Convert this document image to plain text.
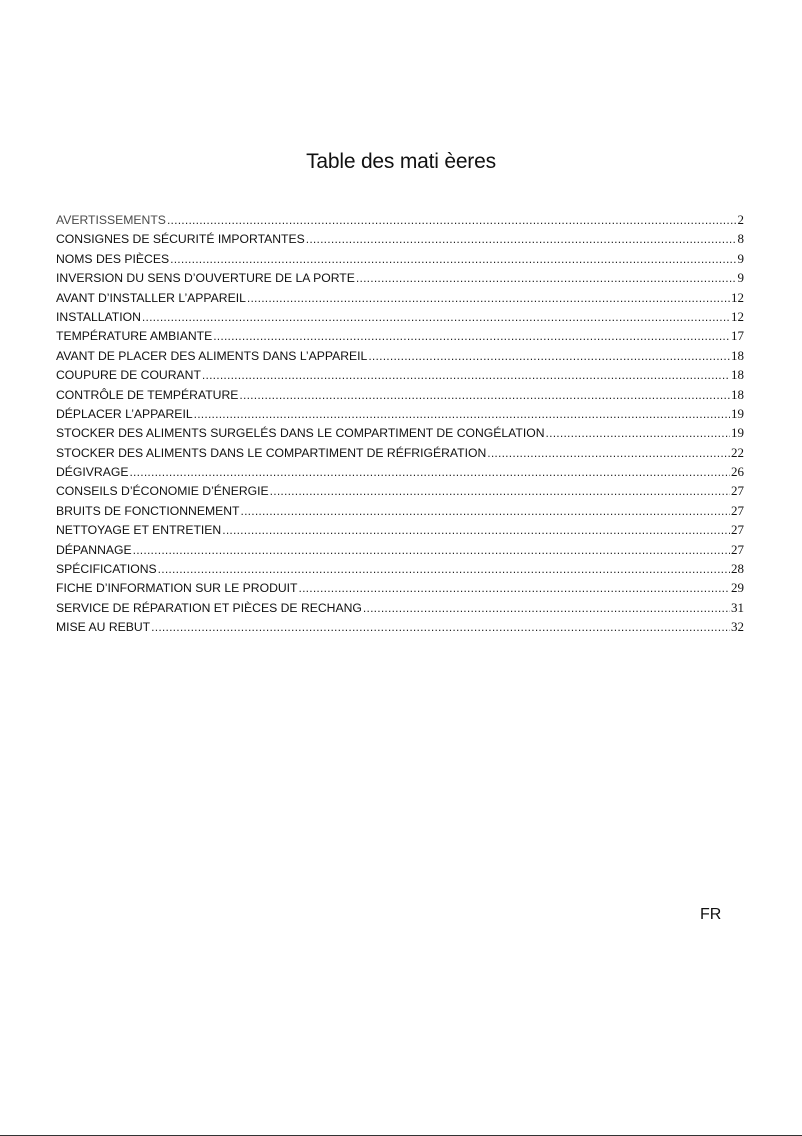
Table des mati èeres
AVERTISSEMENTS .....	2
CONSIGNES DE SÉCURITÉ IMPORTANTES .....	8
NOMS DES PIÈCES .....	9
INVERSION DU SENS D’OUVERTURE DE LA PORTE .....	9
AVANT D’INSTALLER L’APPAREIL .....	12
INSTALLATION .....	12
TEMPÉRATURE AMBIANTE .....	17
AVANT DE PLACER DES ALIMENTS DANS L’APPAREIL .....	18
COUPURE DE COURANT .....	18
CONTRÔLE DE TEMPÉRATURE .....	18
DÉPLACER L’APPAREIL .....	19
STOCKER DES ALIMENTS SURGELÉS DANS LE COMPARTIMENT DE CONGÉLATION .....	19
STOCKER DES ALIMENTS DANS LE COMPARTIMENT DE RÉFRIGÉRATION .....	22
DÉGIVRAGE .....	26
CONSEILS D’ÉCONOMIE D’ÉNERGIE .....	27
BRUITS DE FONCTIONNEMENT .....	27
NETTOYAGE ET ENTRETIEN .....	27
DÉPANNAGE .....	27
SPÉCIFICATIONS .....	28
FICHE D’INFORMATION SUR LE PRODUIT .....	29
SERVICE DE RÉPARATION ET PIÈCES DE RECHANG .....	31
MISE AU REBUT .....	32
FR
